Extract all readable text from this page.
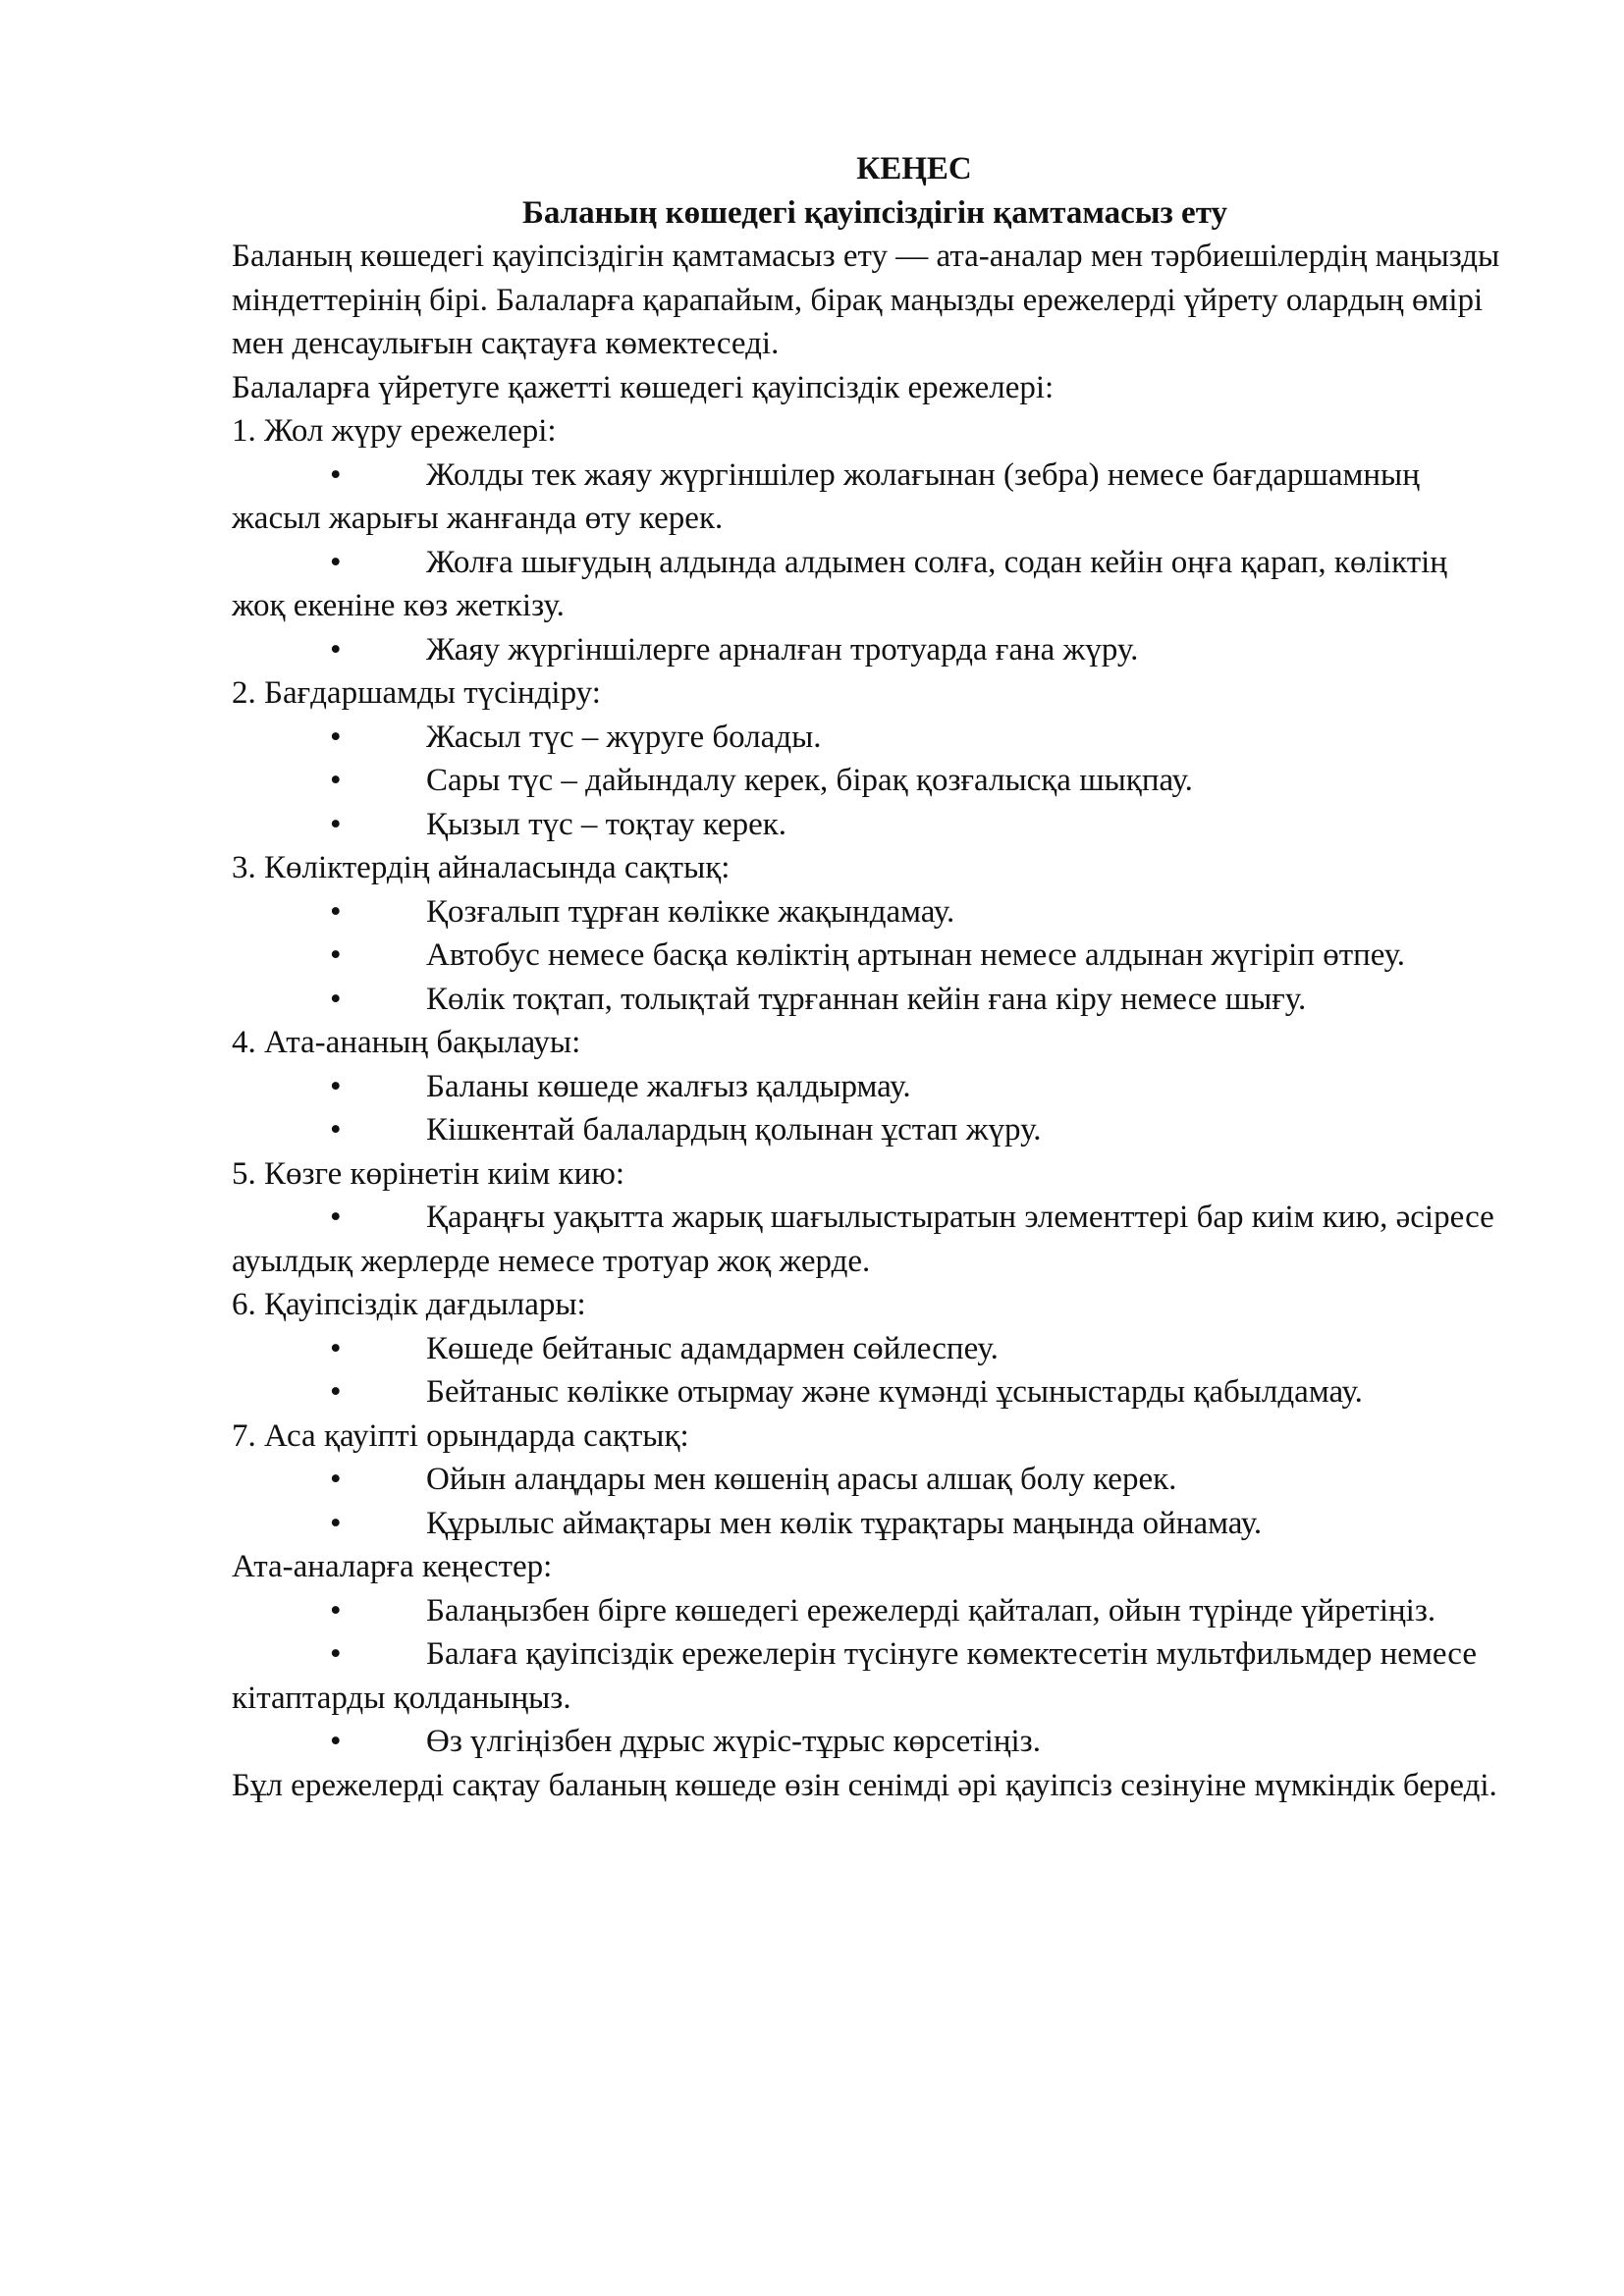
КЕҢЕС

Баланың көшедегі қауіпсіздігін қамтамасыз ету

Баланың көшедегі қауіпсіздігін қамтамасыз ету — ата-аналар мен тәрбиешілердің маңызды міндеттерінің бірі. Балаларға қарапайым, бірақ маңызды ережелерді үйрету олардың өмірі мен денсаулығын сақтауға көмектеседі.

Балаларға үйретуге қажетті көшедегі қауіпсіздік ережелері:

1. Жол жүру ережелері:

•	Жолды тек жаяу жүргіншілер жолағынан (зебра) немесе бағдаршамның жасыл жарығы жанғанда өту керек.

•	Жолға шығудың алдында алдымен солға, содан кейін оңға қарап, көліктің жоқ екеніне көз жеткізу.

•	Жаяу жүргіншілерге арналған тротуарда ғана жүру.

2. Бағдаршамды түсіндіру:

•	Жасыл түс – жүруге болады.

•	Сары түс – дайындалу керек, бірақ қозғалысқа шықпау.

•	Қызыл түс – тоқтау керек.

3. Көліктердің айналасында сақтық:

•	Қозғалып тұрған көлікке жақындамау.

•	Автобус немесе басқа көліктің артынан немесе алдынан жүгіріп өтпеу.

•	Көлік тоқтап, толықтай тұрғаннан кейін ғана кіру немесе шығу.

4. Ата-ананың бақылауы:

•	Баланы көшеде жалғыз қалдырмау.

•	Кішкентай балалардың қолынан ұстап жүру.

5. Көзге көрінетін киім кию:

•	Қараңғы уақытта жарық шағылыстыратын элементтері бар киім кию, әсіресе ауылдық жерлерде немесе тротуар жоқ жерде.

6. Қауіпсіздік дағдылары:

•	Көшеде бейтаныс адамдармен сөйлеспеу.

•	Бейтаныс көлікке отырмау және күмәнді ұсыныстарды қабылдамау.

7. Аса қауіпті орындарда сақтық:

•	Ойын алаңдары мен көшенің арасы алшақ болу керек.

•	Құрылыс аймақтары мен көлік тұрақтары маңында ойнамау.

Ата-аналарға кеңестер:

•	Балаңызбен бірге көшедегі ережелерді қайталап, ойын түрінде үйретіңіз.

•	Балаға қауіпсіздік ережелерін түсінуге көмектесетін мультфильмдер немесе кітаптарды қолданыңыз.

•	Өз үлгіңізбен дұрыс жүріс-тұрыс көрсетіңіз.

Бұл ережелерді сақтау баланың көшеде өзін сенімді әрі қауіпсіз сезінуіне мүмкіндік береді.
